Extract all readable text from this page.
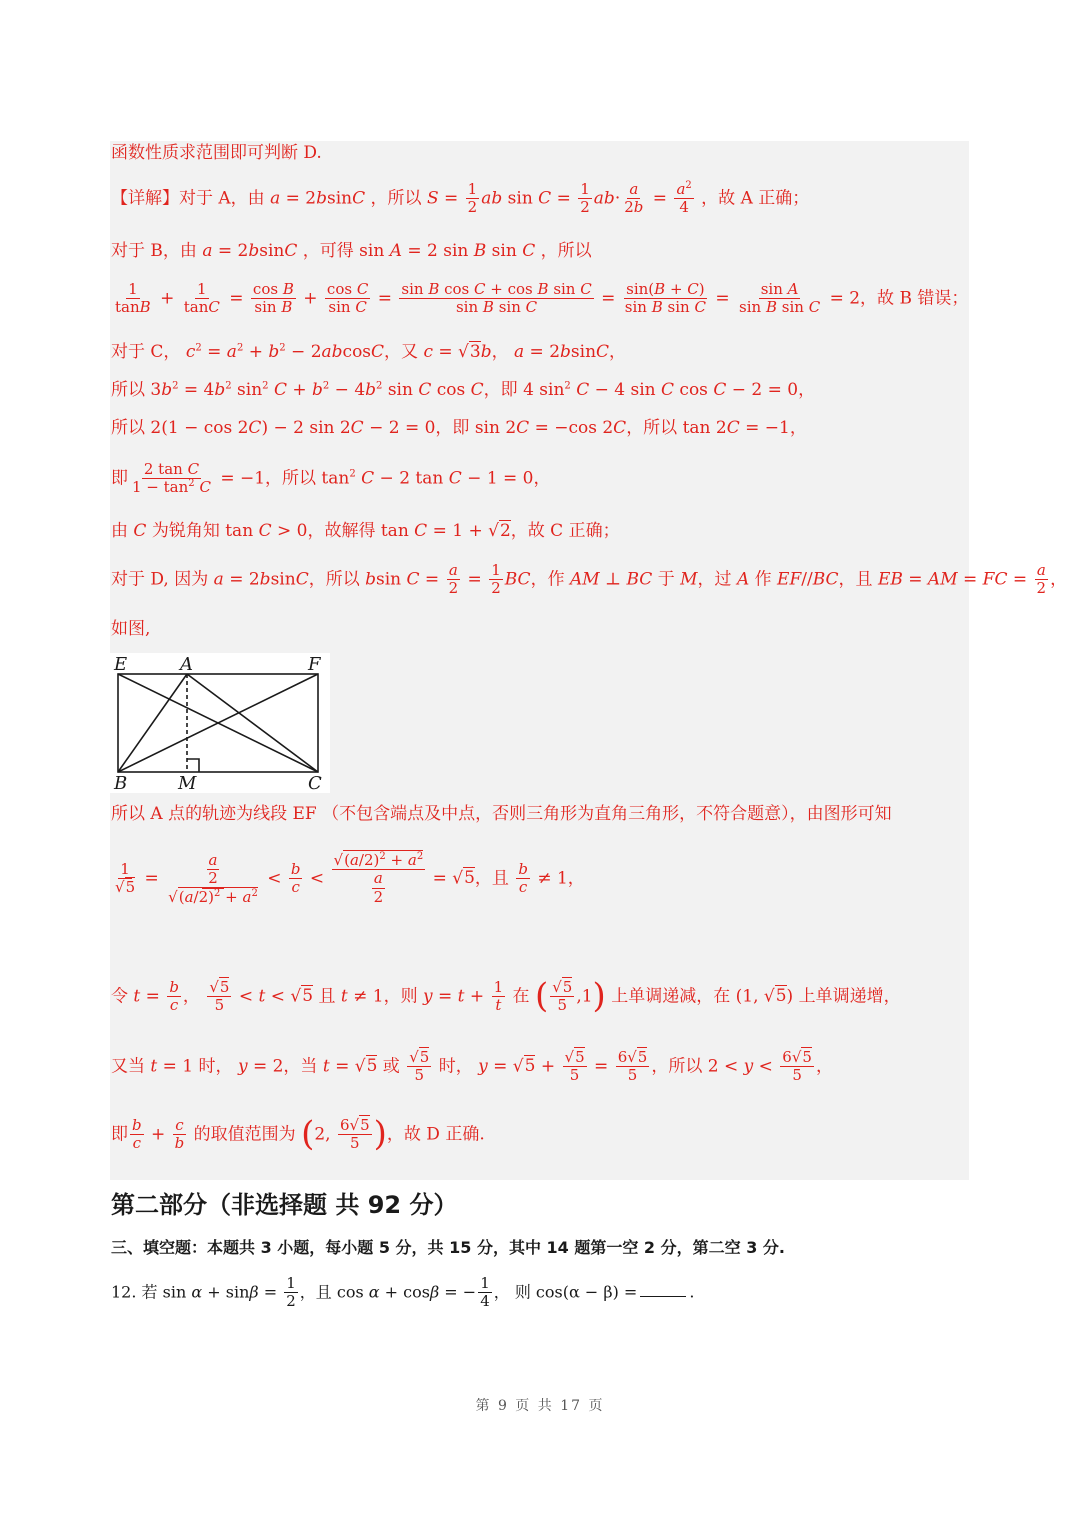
函数性质求范围即可判断 D.
【详解】对于 A，由 a = 2bsinC ，所以 $S = \frac{1}{2}$ ab $\sin C = \frac{1}{2} ab\cdot \frac{a}{2b} = \frac{a^2}{4}$ ，故 A 正确；
对于 B，由 a = 2bsinC ，可得 sin A = 2 sin B sin C ，所以
$\frac{1}{\tan B} + \frac{1}{\tan C} = \frac{\text{cos B}}{\text{sin B}} + \frac{\text{cos C}}{\text{sin C}} = \frac{\text{sin B cos C + cos B sin C}}{\text{sin B sin C}} = \frac{\sin(B + C)}{\text{sin B sin C}} = \frac{\text{sin A}}{\text{sin B sin C}} = 2$，故 B 错误；
对于 C， $c^2 = a^2 + b^2 - 2abcosC$，又 c = √3b， a = 2bsinC，
所以 $3b^2 = 4b^2$ $\sin^2 C + b^2 - 4b^2$ sin C cos C，即 4 $\sin^2 C - 4$ sin C cos C − 2 = 0，
所以 2(1 − cos 2C) − 2 sin 2C − 2 = 0，即 sin 2C = −cos 2C，所以 tan 2C = −1，
即 $\frac{\text{2 tan C}}{1 - \tan^2 C} = -1$，所以 $\tan^2 C - 2$ tan C − 1 = 0，
由 C 为锐角知 tan C > 0，故解得 tan C = 1 + √2，故 C 正确；
对于 D, 因为 a = 2bsinC，所以 bsin $C = \frac{a}{2} = \frac{1}{2}$ BC，作 AM ⊥ BC 于 M，过 A 作 EF//BC，且 EB = AM = FC = $\frac{a}{2}$ ，
如图,
E	A	F
B	M	C
所以 A 点的轨迹为线段 EF （不包含端点及中点，否则三角形为直角三角形，不符合题意），由图形可知
$\frac{1}{√5} = \frac{\frac{a}{2}}{√(a/2)^2 + a^2} < \frac{b}{c} < \frac{√(a/2)^2 + a^2}{\frac{a}{2}} = √5$，且 $\frac{b}{c} \ne 1$，
令 $t = \frac{b}{c}$ ， $\frac{√5}{5} < t < √5$ 且 t ≠ 1，则 $y = t + \frac{1}{t}$ 在 ( $\frac{√5}{5} ,1$) 上单调递减，在 (1, √5) 上单调递增，
又当 t = 1 时， y = 2，当 t = √5 或 $\frac{√5}{5}$ 时， $y = √5 + \frac{√5}{5} = \frac{6√5}{5}$ ，所以 $2 < y < \frac{6√5}{5}$ ，
即 $\frac{b}{c} + \frac{c}{b}$ 的取值范围为 (2, $\frac{6√5}{5}$ )，故 D 正确.
第二部分（非选择题 共 92 分）
三、填空题：本题共 3 小题，每小题 5 分，共 15 分，其中 14 题第一空 2 分，第二空 3 分.
12. 若 $\sin \alpha + \sin\beta = \frac{1}{2}$ ，且 cos α + cosβ = − $\frac{1}{4}$ ， 则 cos(α − β) =	.
第 9 页 共 17 页
